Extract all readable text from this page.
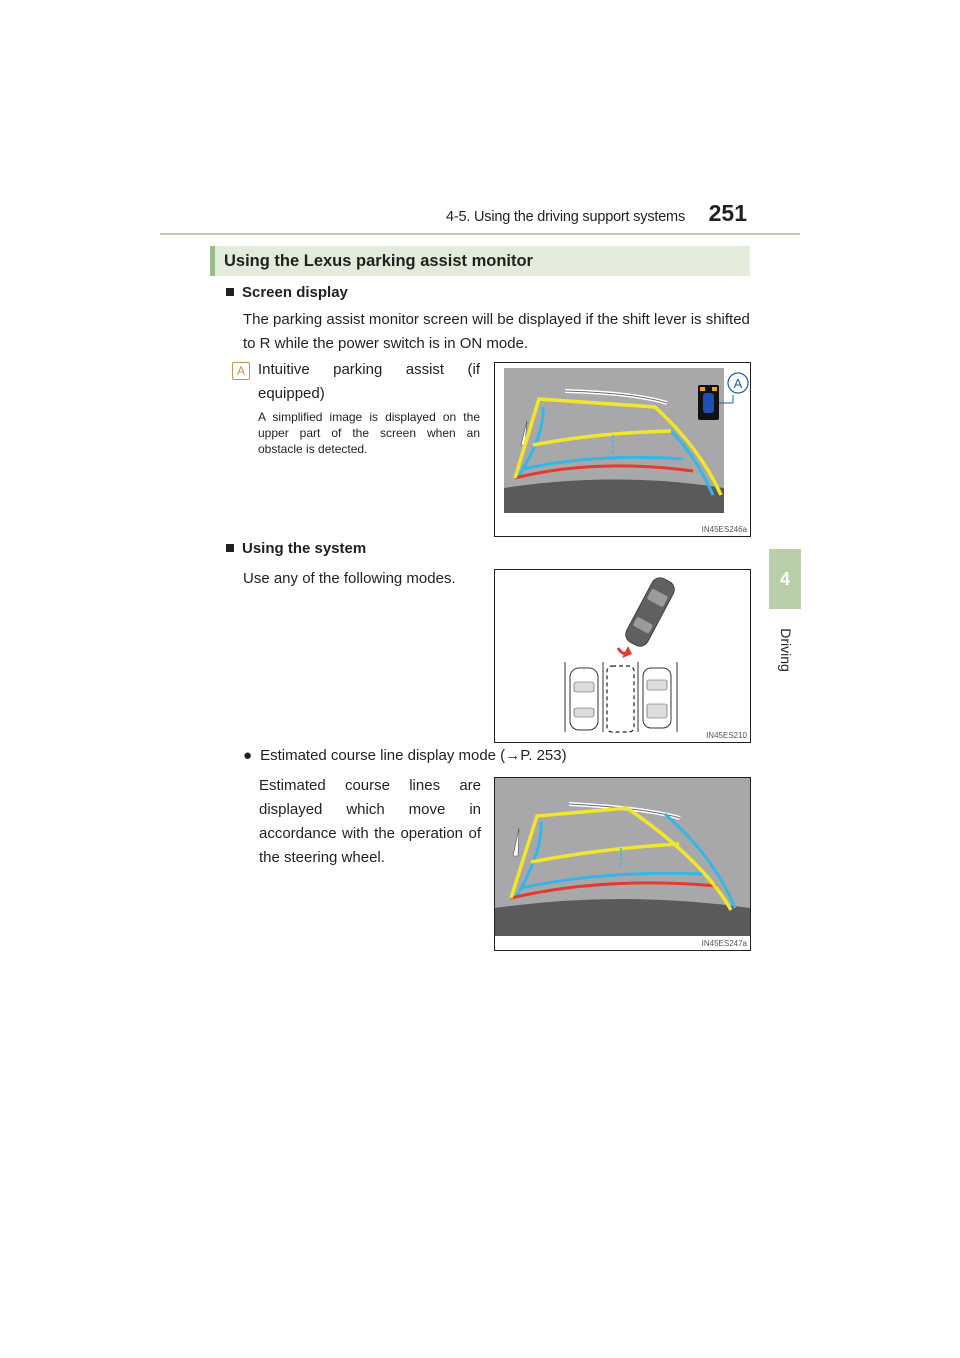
4-5. Using the driving support systems 251
4
Driving
Using the Lexus parking assist monitor
Screen display
The parking assist monitor screen will be displayed if the shift lever is shifted to R while the power switch is in ON mode.
A Intuitive parking assist (if equipped)
A simplified image is displayed on the upper part of the screen when an obstacle is detected.
A
IN45ES246a
Using the system
Use any of the following modes.
IN45ES210
● Estimated course line display mode (→P. 253)
Estimated course lines are displayed which move in accordance with the operation of the steering wheel.
IN45ES247a
